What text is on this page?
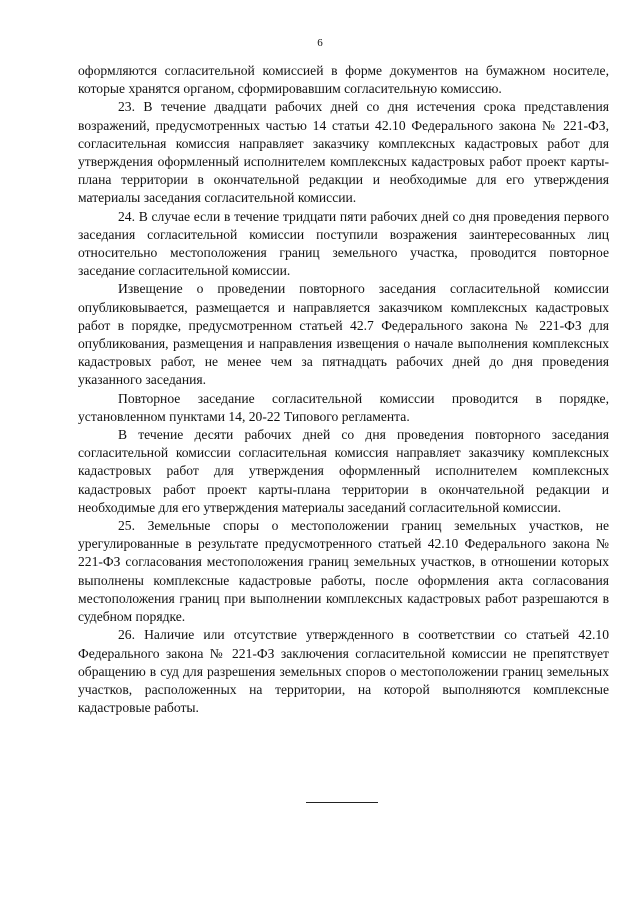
6

оформляются согласительной комиссией в форме документов на бумажном носителе, которые хранятся органом, сформировавшим согласительную комиссию.

23. В течение двадцати рабочих дней со дня истечения срока представления возражений, предусмотренных частью 14 статьи 42.10 Федерального закона № 221-ФЗ, согласительная комиссия направляет заказчику комплексных кадастровых работ для утверждения оформленный исполнителем комплексных кадастровых работ проект карты-плана территории в окончательной редакции и необходимые для его утверждения материалы заседания согласительной комиссии.

24. В случае если в течение тридцати пяти рабочих дней со дня проведения первого заседания согласительной комиссии поступили возражения заинтересованных лиц относительно местоположения границ земельного участка, проводится повторное заседание согласительной комиссии.

Извещение о проведении повторного заседания согласительной комиссии опубликовывается, размещается и направляется заказчиком комплексных кадастровых работ в порядке, предусмотренном статьей 42.7 Федерального закона № 221-ФЗ для опубликования, размещения и направления извещения о начале выполнения комплексных кадастровых работ, не менее чем за пятнадцать рабочих дней до дня проведения указанного заседания.

Повторное заседание согласительной комиссии проводится в порядке, установленном пунктами 14, 20-22 Типового регламента.

В течение десяти рабочих дней со дня проведения повторного заседания согласительной комиссии согласительная комиссия направляет заказчику комплексных кадастровых работ для утверждения оформленный исполнителем комплексных кадастровых работ проект карты-плана территории в окончательной редакции и необходимые для его утверждения материалы заседаний согласительной комиссии.

25. Земельные споры о местоположении границ земельных участков, не урегулированные в результате предусмотренного статьей 42.10 Федерального закона № 221-ФЗ согласования местоположения границ земельных участков, в отношении которых выполнены комплексные кадастровые работы, после оформления акта согласования местоположения границ при выполнении комплексных кадастровых работ разрешаются в судебном порядке.

26. Наличие или отсутствие утвержденного в соответствии со статьей 42.10 Федерального закона № 221-ФЗ заключения согласительной комиссии не препятствует обращению в суд для разрешения земельных споров о местоположении границ земельных участков, расположенных на территории, на которой выполняются комплексные кадастровые работы.
